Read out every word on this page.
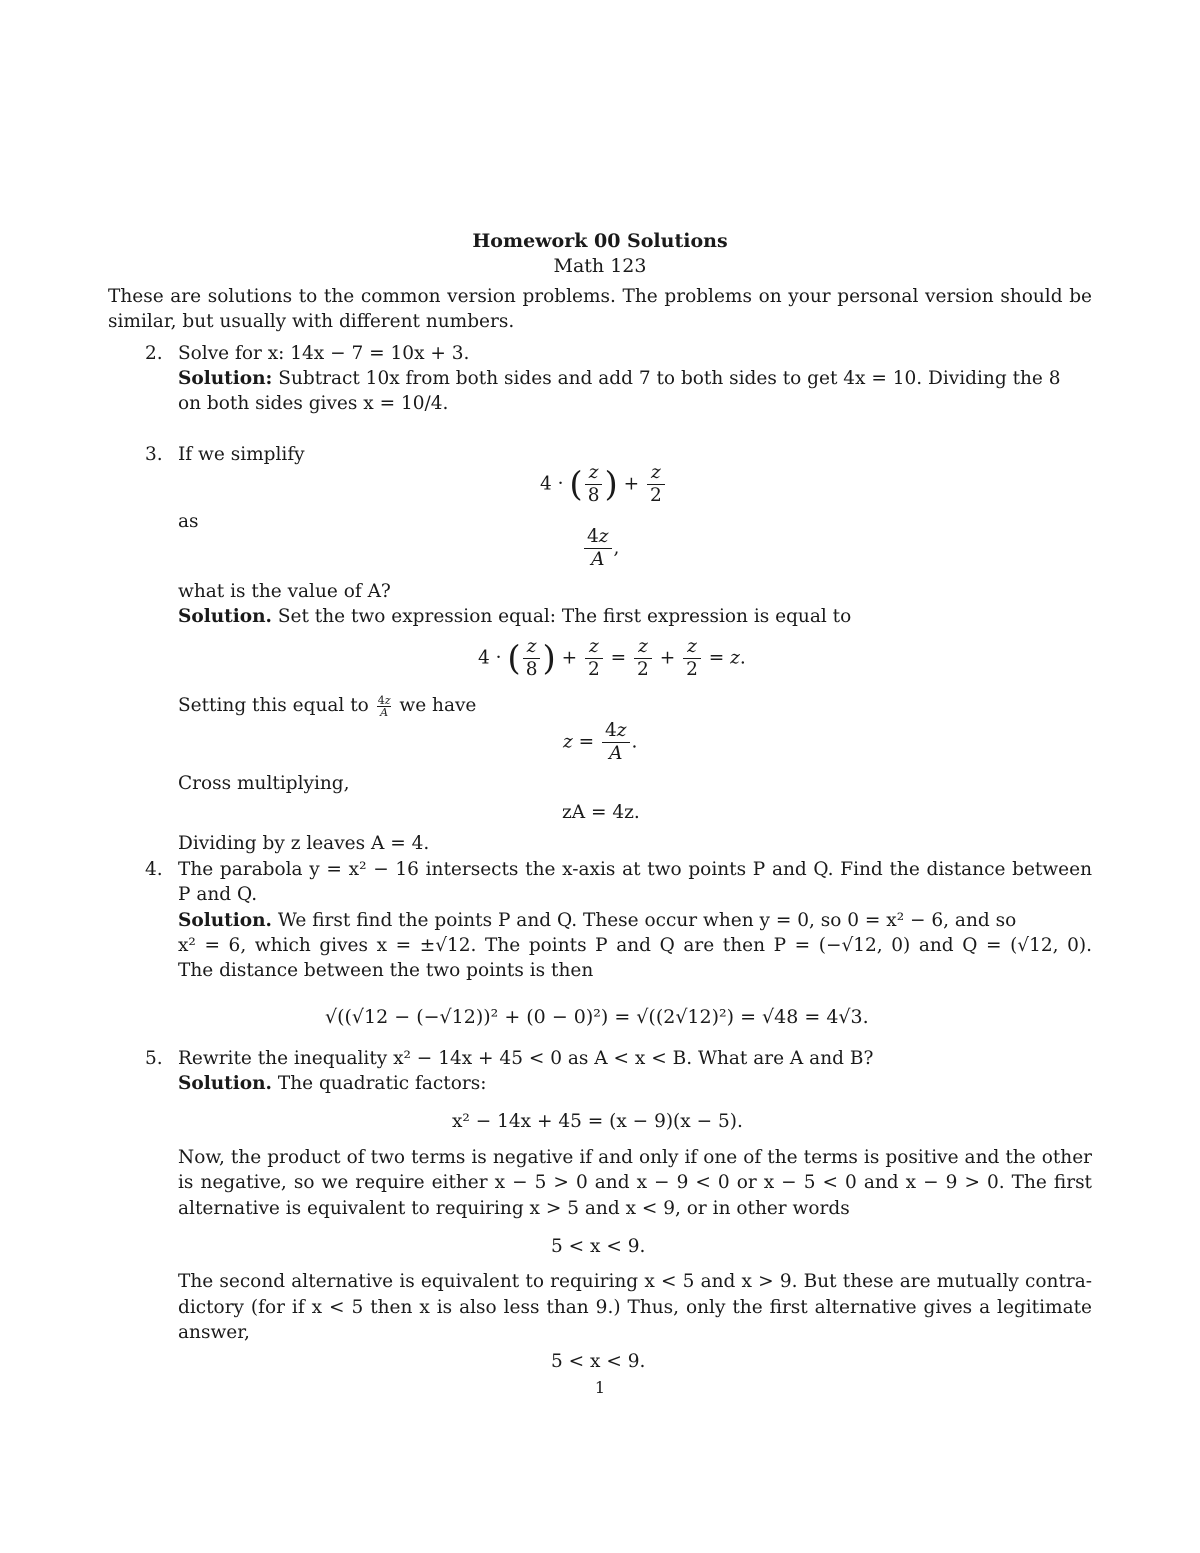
Homework 00 Solutions
Math 123
These are solutions to the common version problems. The problems on your personal version should be
similar, but usually with different numbers.
2. Solve for x: 14x − 7 = 10x + 3.
Solution: Subtract 10x from both sides and add 7 to both sides to get 4x = 10. Dividing the 8
on both sides gives x = 10/4.
3. If we simplify
4 · ( $\frac{z}{8}$ ) + $\frac{z}{2}$
as
$\frac{4z}{A}$ ,
what is the value of A?
Solution. Set the two expression equal: The first expression is equal to
4 · ( $\frac{z}{8}$ ) + $\frac{z}{2} = \frac{z}{2} + \frac{z}{2} = z$.
Setting this equal to $\frac{4z}{A}$ we have
$z = \frac{4z}{A}$ .
Cross multiplying,
zA = 4z.
Dividing by z leaves A = 4.
4. The parabola y = x² − 16 intersects the x-axis at two points P and Q. Find the distance between
P and Q.
Solution. We first find the points P and Q. These occur when y = 0, so 0 = x² − 6, and so
x² = 6, which gives x = ±√12. The points P and Q are then P = (−√12, 0) and Q = (√12, 0).
The distance between the two points is then
√((√12 − (−√12))² + (0 − 0)²) = √((2√12)²) = √48 = 4√3.
5. Rewrite the inequality x² − 14x + 45 < 0 as A < x < B. What are A and B?
Solution. The quadratic factors:
x² − 14x + 45 = (x − 9)(x − 5).
Now, the product of two terms is negative if and only if one of the terms is positive and the other
is negative, so we require either x − 5 > 0 and x − 9 < 0 or x − 5 < 0 and x − 9 > 0. The first
alternative is equivalent to requiring x > 5 and x < 9, or in other words
5 < x < 9.
The second alternative is equivalent to requiring x < 5 and x > 9. But these are mutually contra-
dictory (for if x < 5 then x is also less than 9.) Thus, only the first alternative gives a legitimate
answer,
5 < x < 9.
1
